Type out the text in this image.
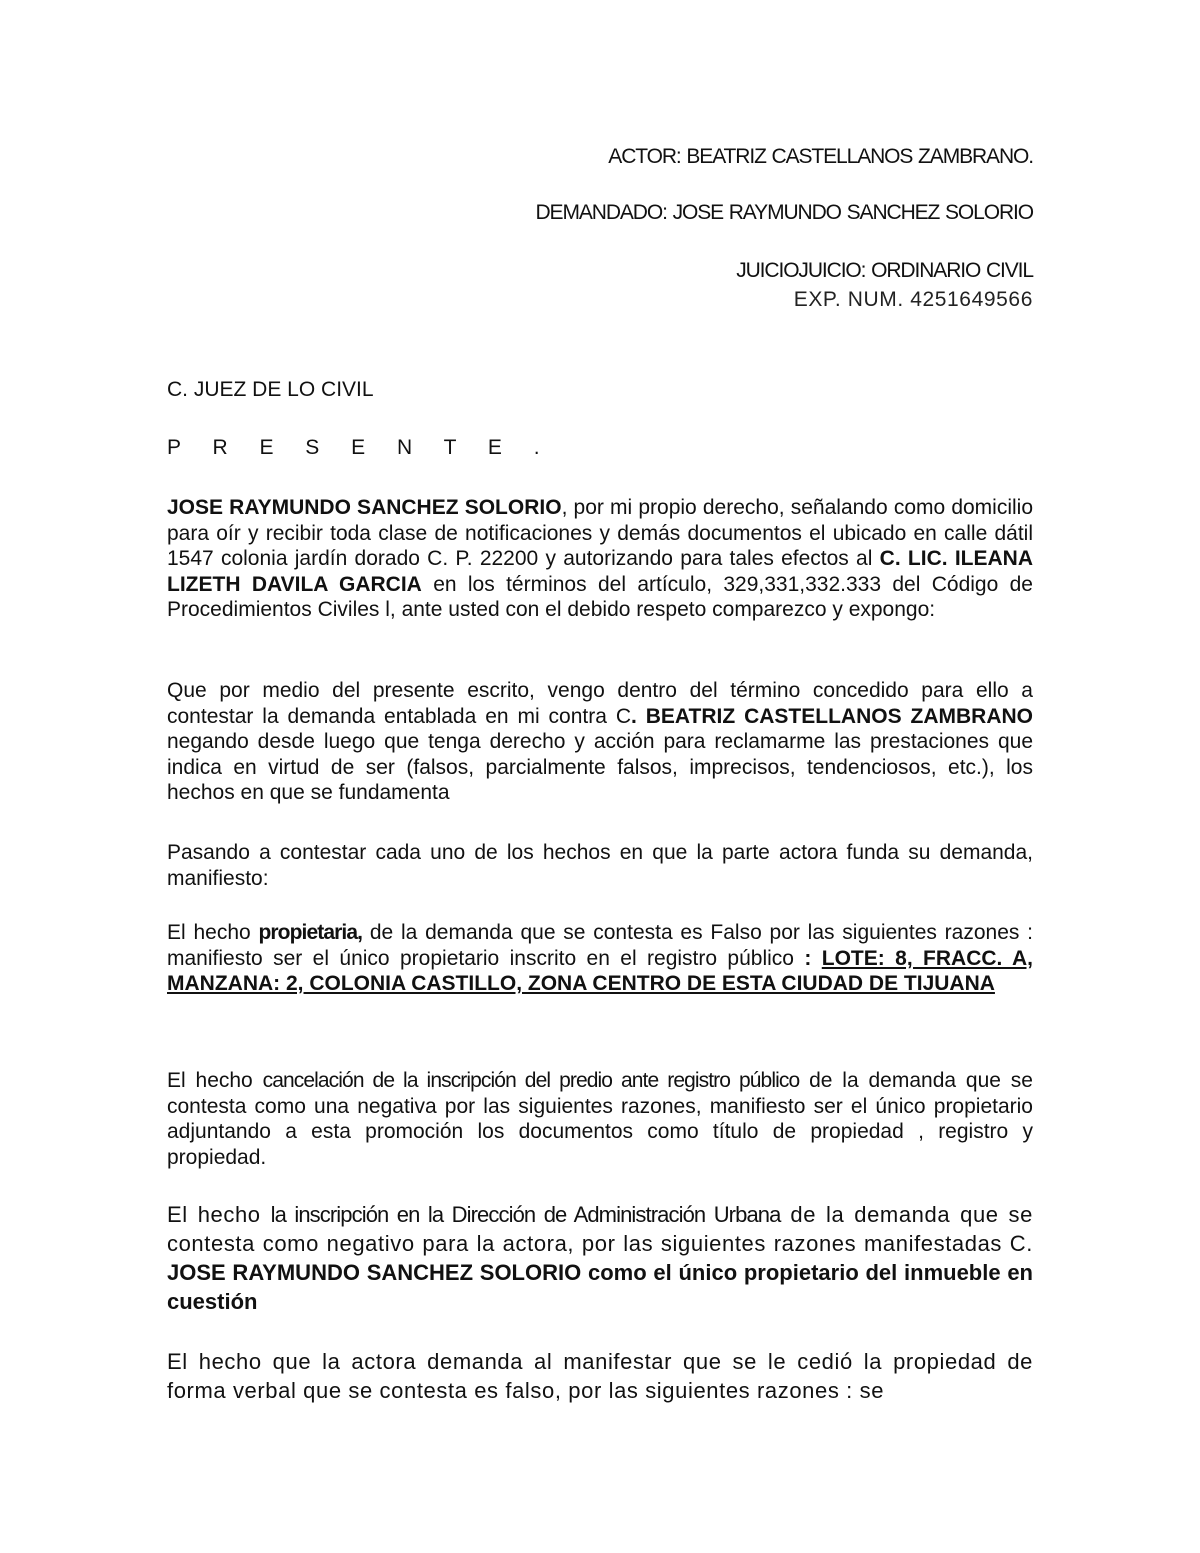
ACTOR: BEATRIZ CASTELLANOS ZAMBRANO.
DEMANDADO: JOSE RAYMUNDO SANCHEZ SOLORIO
JUICIOJUICIO: ORDINARIO CIVIL
EXP. NUM. 4251649566
C. JUEZ DE LO CIVIL
P R E S E N T E .
JOSE RAYMUNDO SANCHEZ SOLORIO, por mi propio derecho, señalando como domicilio para oír y recibir toda clase de notificaciones y demás documentos el ubicado en calle dátil 1547 colonia jardín dorado C. P. 22200 y autorizando para tales efectos al C. LIC. ILEANA LIZETH DAVILA GARCIA en los términos del artículo, 329,331,332.333 del Código de Procedimientos Civiles l, ante usted con el debido respeto comparezco y expongo:
Que por medio del presente escrito, vengo dentro del término concedido para ello a contestar la demanda entablada en mi contra C. BEATRIZ CASTELLANOS ZAMBRANO negando desde luego que tenga derecho y acción para reclamarme las prestaciones que indica en virtud de ser (falsos, parcialmente falsos, imprecisos, tendenciosos, etc.), los hechos en que se fundamenta
Pasando a contestar cada uno de los hechos en que la parte actora funda su demanda, manifiesto:
El hecho propietaria, de la demanda que se contesta es Falso por las siguientes razones : manifiesto ser el único propietario inscrito en el registro público : LOTE: 8, FRACC. A, MANZANA: 2, COLONIA CASTILLO, ZONA CENTRO DE ESTA CIUDAD DE TIJUANA
El hecho cancelación de la inscripción del predio ante registro público de la demanda que se contesta como una negativa por las siguientes razones, manifiesto ser el único propietario adjuntando a esta promoción los documentos como título de propiedad , registro y propiedad.
El hecho la inscripción en la Dirección de Administración Urbana de la demanda que se contesta como negativo para la actora, por las siguientes razones manifestadas C. JOSE RAYMUNDO SANCHEZ SOLORIO como el único propietario del inmueble en cuestión
El hecho que la actora demanda al manifestar que se le cedió la propiedad de forma verbal que se contesta es falso, por las siguientes razones : se
